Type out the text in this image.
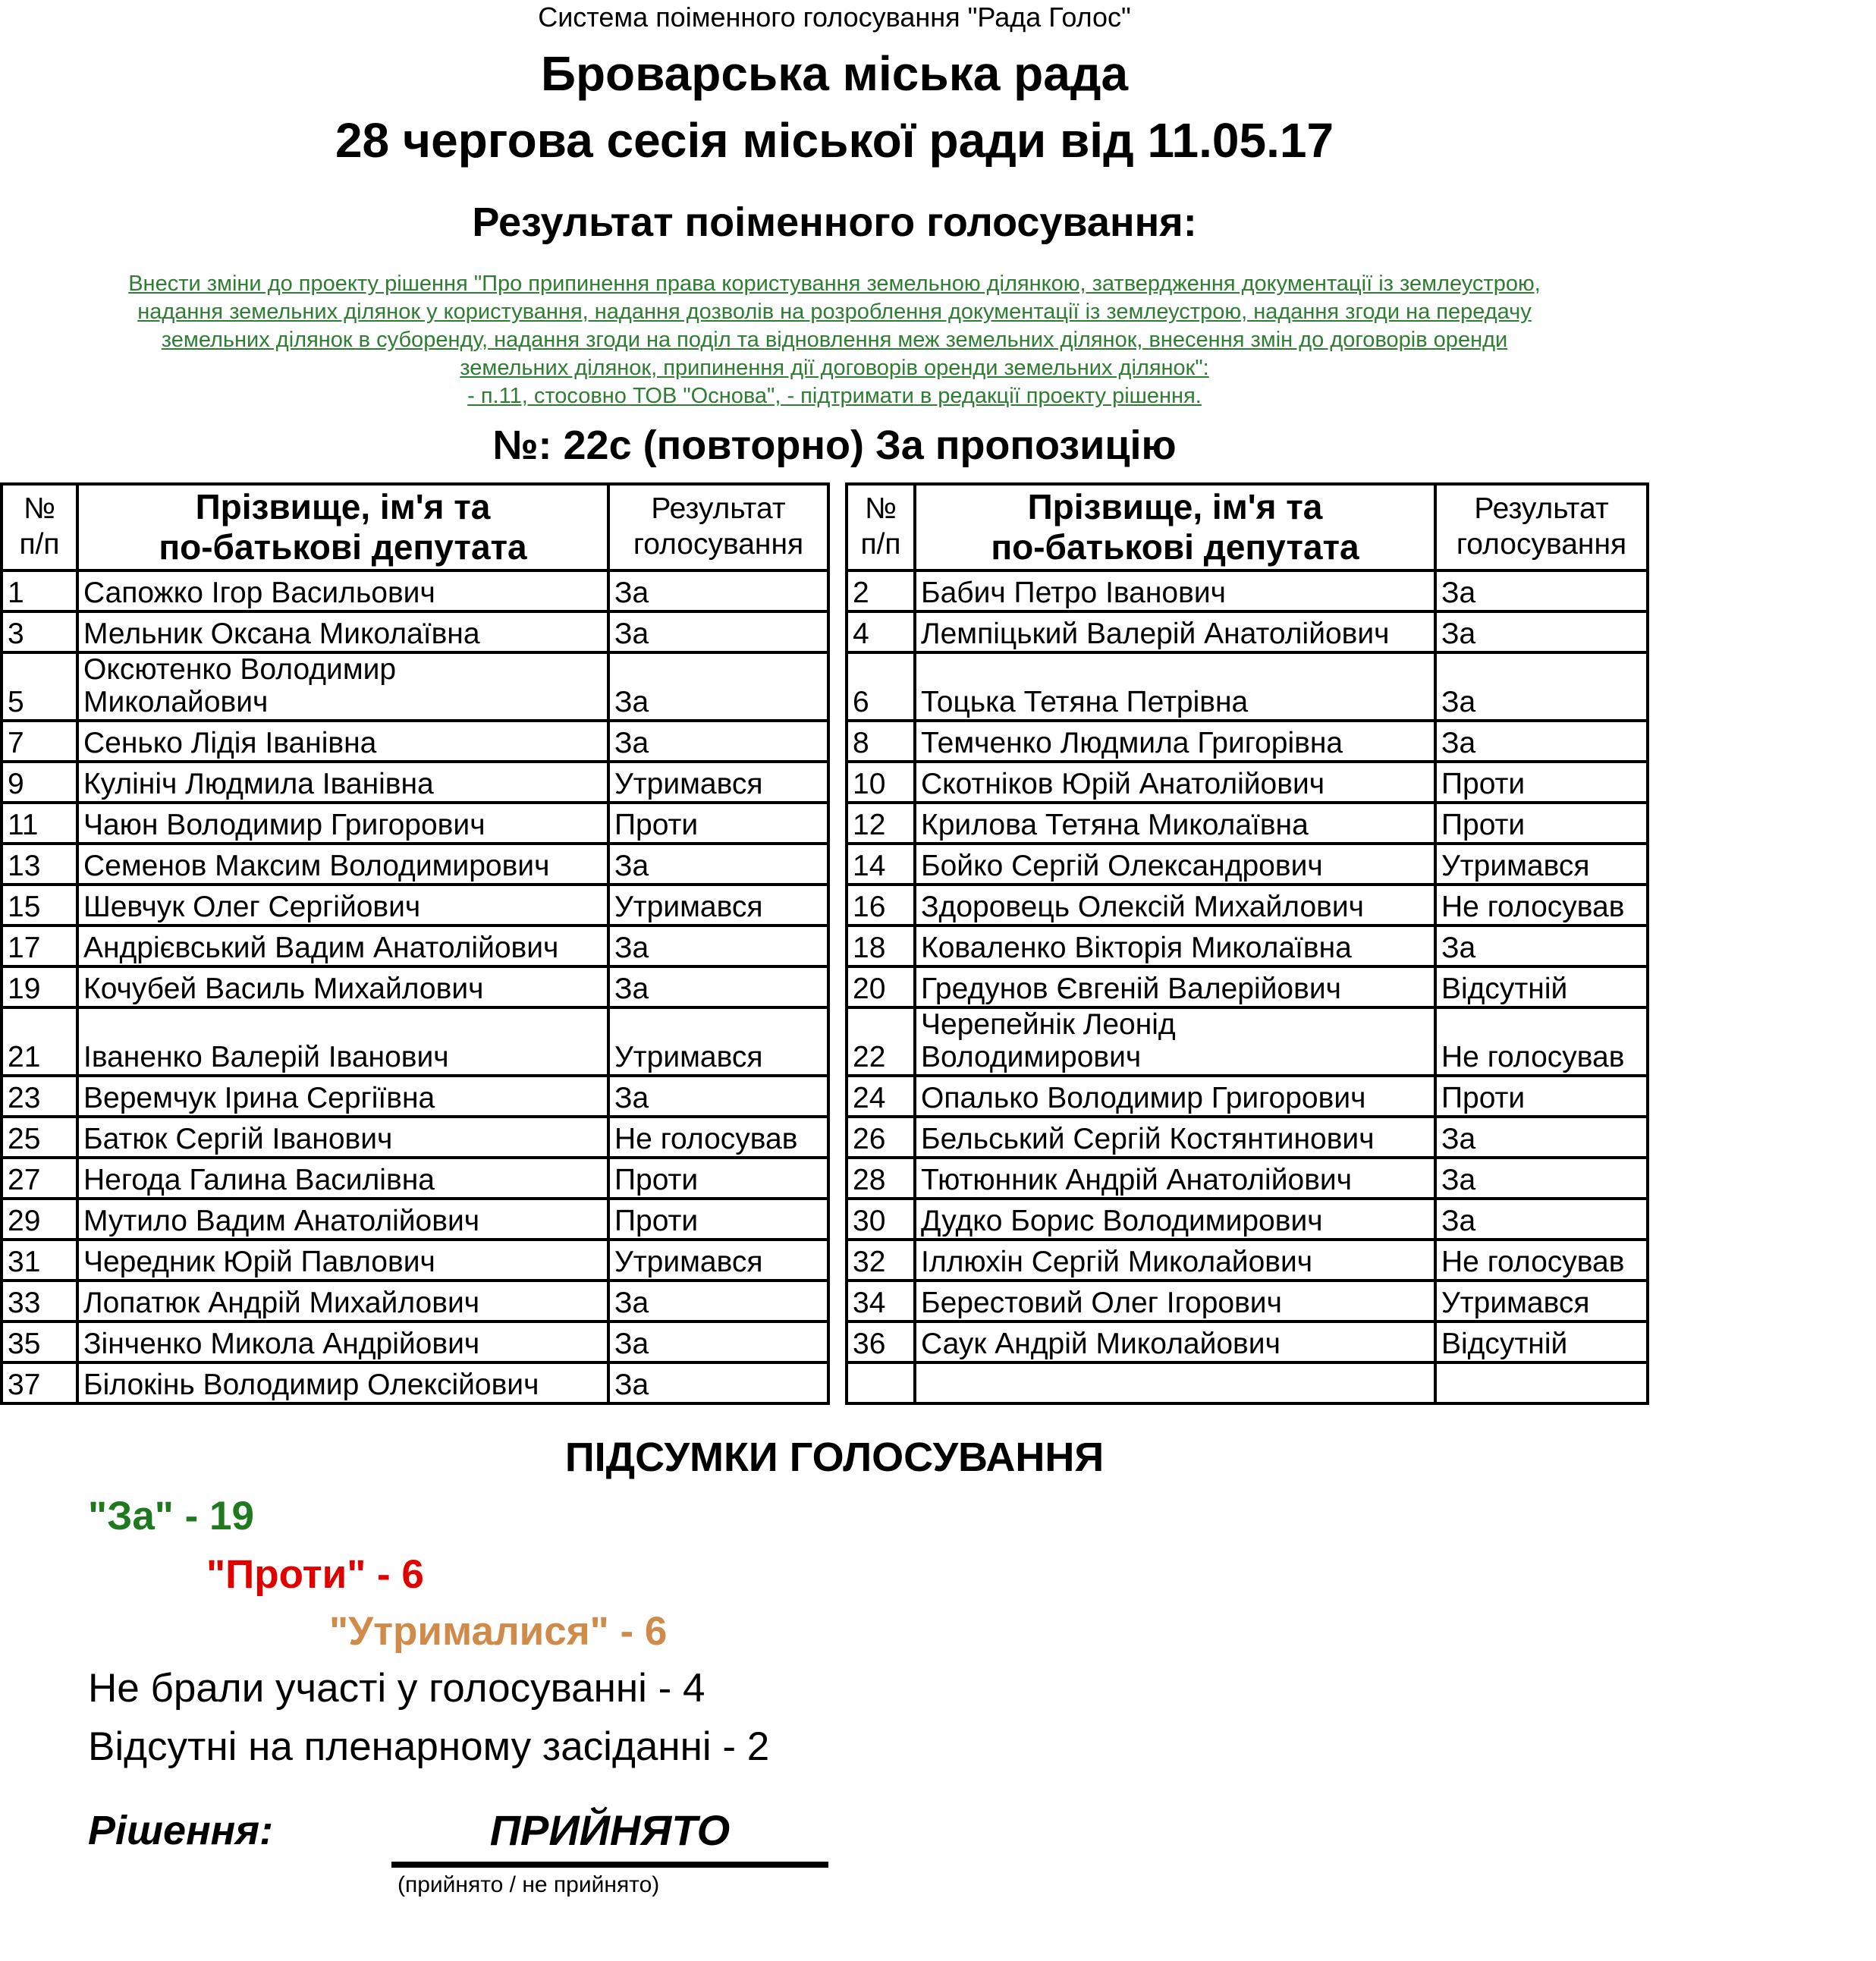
Система поіменного голосування "Рада Голос"
Броварська міська рада
28 чергова сесія міської ради від 11.05.17
Результат поіменного голосування:
Внести зміни до проекту рішення "Про припинення права користування земельною ділянкою, затвердження документації із землеустрою,
надання земельних ділянок у користування, надання дозволів на розроблення документації із землеустрою, надання згоди на передачу
земельних ділянок в суборенду, надання згоди на поділ та відновлення меж земельних ділянок, внесення змін до договорів оренди
земельних ділянок, припинення дії договорів оренди земельних ділянок":
- п.11, стосовно ТОВ "Основа", - підтримати в редакції проекту рішення.
№: 22с (повторно) За пропозицію
№
п/п	Прізвище, ім'я та
по-батькові депутата	Результат
голосування
1	Сапожко Ігор Васильович	За
3	Мельник Оксана Миколаївна	За
5	Оксютенко Володимир
Миколайович	За
7	Сенько Лідія Іванівна	За
9	Кулініч Людмила Іванівна	Утримався
11	Чаюн Володимир Григорович	Проти
13	Семенов Максим Володимирович	За
15	Шевчук Олег Сергійович	Утримався
17	Андрієвський Вадим Анатолійович	За
19	Кочубей Василь Михайлович	За
21	Іваненко Валерій Іванович	Утримався
23	Веремчук Ірина Сергіївна	За
25	Батюк Сергій Іванович	Не голосував
27	Негода Галина Василівна	Проти
29	Мутило Вадим Анатолійович	Проти
31	Чередник Юрій Павлович	Утримався
33	Лопатюк Андрій Михайлович	За
35	Зінченко Микола Андрійович	За
37	Білокінь Володимир Олексійович	За
№
п/п	Прізвище, ім'я та
по-батькові депутата	Результат
голосування
2	Бабич Петро Іванович	За
4	Лемпіцький Валерій Анатолійович	За
6	Тоцька Тетяна Петрівна	За
8	Темченко Людмила Григорівна	За
10	Скотніков Юрій Анатолійович	Проти
12	Крилова Тетяна Миколаївна	Проти
14	Бойко Сергій Олександрович	Утримався
16	Здоровець Олексій Михайлович	Не голосував
18	Коваленко Вікторія Миколаївна	За
20	Гредунов Євгеній Валерійович	Відсутній
22	Черепейнік Леонід
Володимирович	Не голосував
24	Опалько Володимир Григорович	Проти
26	Бельський Сергій Костянтинович	За
28	Тютюнник Андрій Анатолійович	За
30	Дудко Борис Володимирович	За
32	Іллюхін Сергій Миколайович	Не голосував
34	Берестовий Олег Ігорович	Утримався
36	Саук Андрій Миколайович	Відсутній

ПІДСУМКИ ГОЛОСУВАННЯ
"За" - 19
"Проти" - 6
"Утрималися" - 6
Не брали участі у голосуванні - 4
Відсутні на пленарному засіданні - 2
Рішення:	ПРИЙНЯТО
(прийнято / не прийнято)
